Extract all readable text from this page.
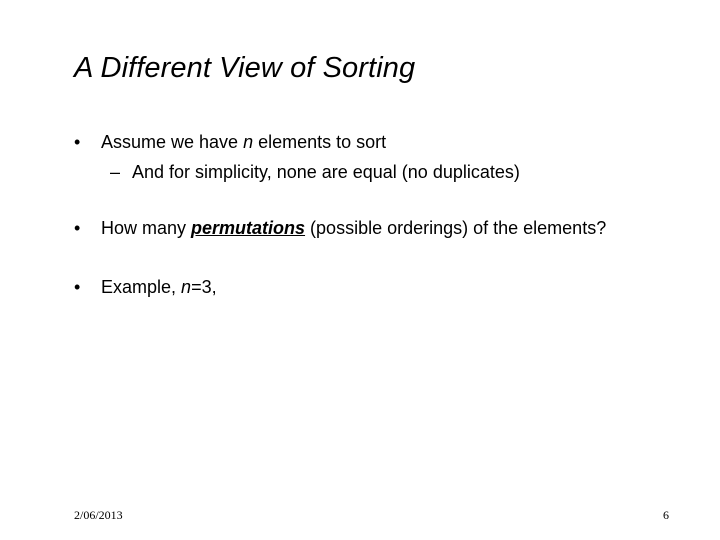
A Different View of Sorting
• Assume we have n elements to sort
– And for simplicity, none are equal (no duplicates)
• How many permutations (possible orderings) of the elements?
• Example, n=3,
2/06/2013	6
